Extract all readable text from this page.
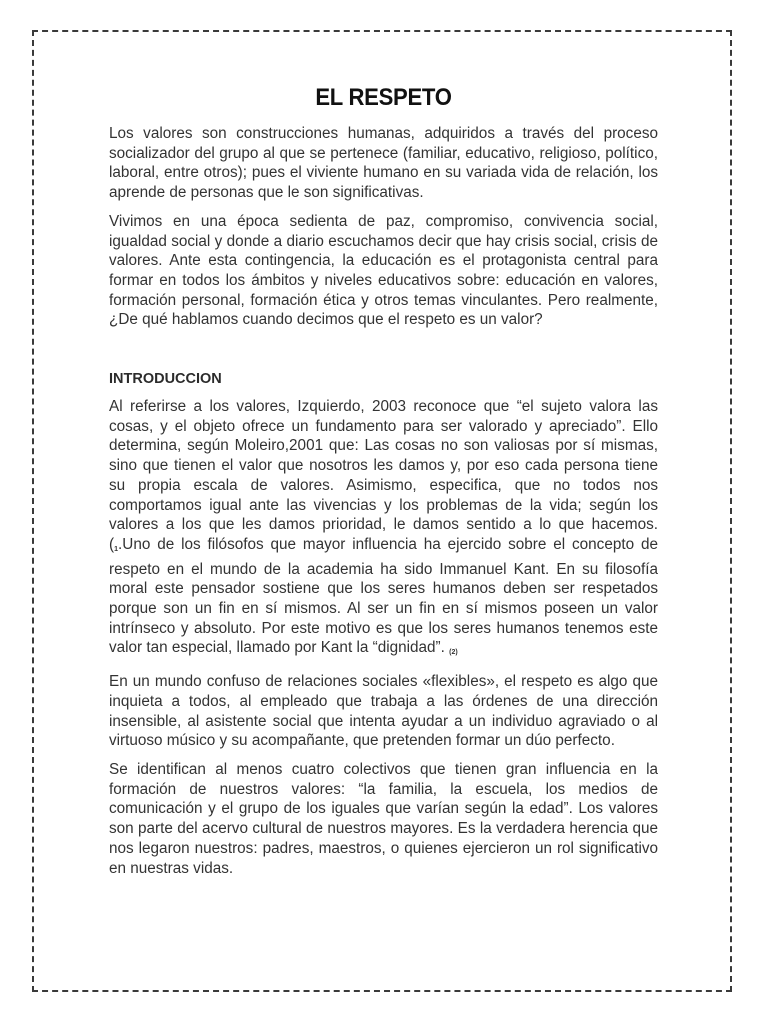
EL RESPETO

Los valores son construcciones humanas, adquiridos a través del proceso socializador del grupo al que se pertenece (familiar, educativo, religioso, político, laboral, entre otros); pues el viviente humano en su variada vida de relación, los aprende de personas que le son significativas.

Vivimos en una época sedienta de paz, compromiso, convivencia social, igualdad social y donde a diario escuchamos decir que hay crisis social, crisis de valores. Ante esta contingencia, la educación es el protagonista central para formar en todos los ámbitos y niveles educativos sobre: educación en valores, formación personal, formación ética y otros temas vinculantes. Pero realmente, ¿De qué hablamos cuando decimos que el respeto es un valor?

INTRODUCCION

Al referirse a los valores, Izquierdo, 2003 reconoce que “el sujeto valora las cosas, y el objeto ofrece un fundamento para ser valorado y apreciado”. Ello determina, según Moleiro,2001 que: Las cosas no son valiosas por sí mismas, sino que tienen el valor que nosotros les damos y, por eso cada persona tiene su propia escala de valores. Asimismo, especifica, que no todos nos comportamos igual ante las vivencias y los problemas de la vida; según los valores a los que les damos prioridad, le damos sentido a lo que hacemos. (1.Uno de los filósofos que mayor influencia ha ejercido sobre el concepto de respeto en el mundo de la academia ha sido Immanuel Kant. En su filosofía moral este pensador sostiene que los seres humanos deben ser respetados porque son un fin en sí mismos. Al ser un fin en sí mismos poseen un valor intrínseco y absoluto. Por este motivo es que los seres humanos tenemos este valor tan especial, llamado por Kant la “dignidad”. (2)

En un mundo confuso de relaciones sociales «flexibles», el respeto es algo que inquieta a todos, al empleado que trabaja a las órdenes de una dirección insensible, al asistente social que intenta ayudar a un individuo agraviado o al virtuoso músico y su acompañante, que pretenden formar un dúo perfecto.

Se identifican al menos cuatro colectivos que tienen gran influencia en la formación de nuestros valores: “la familia, la escuela, los medios de comunicación y el grupo de los iguales que varían según la edad”. Los valores son parte del acervo cultural de nuestros mayores. Es la verdadera herencia que nos legaron nuestros: padres, maestros, o quienes ejercieron un rol significativo en nuestras vidas.
